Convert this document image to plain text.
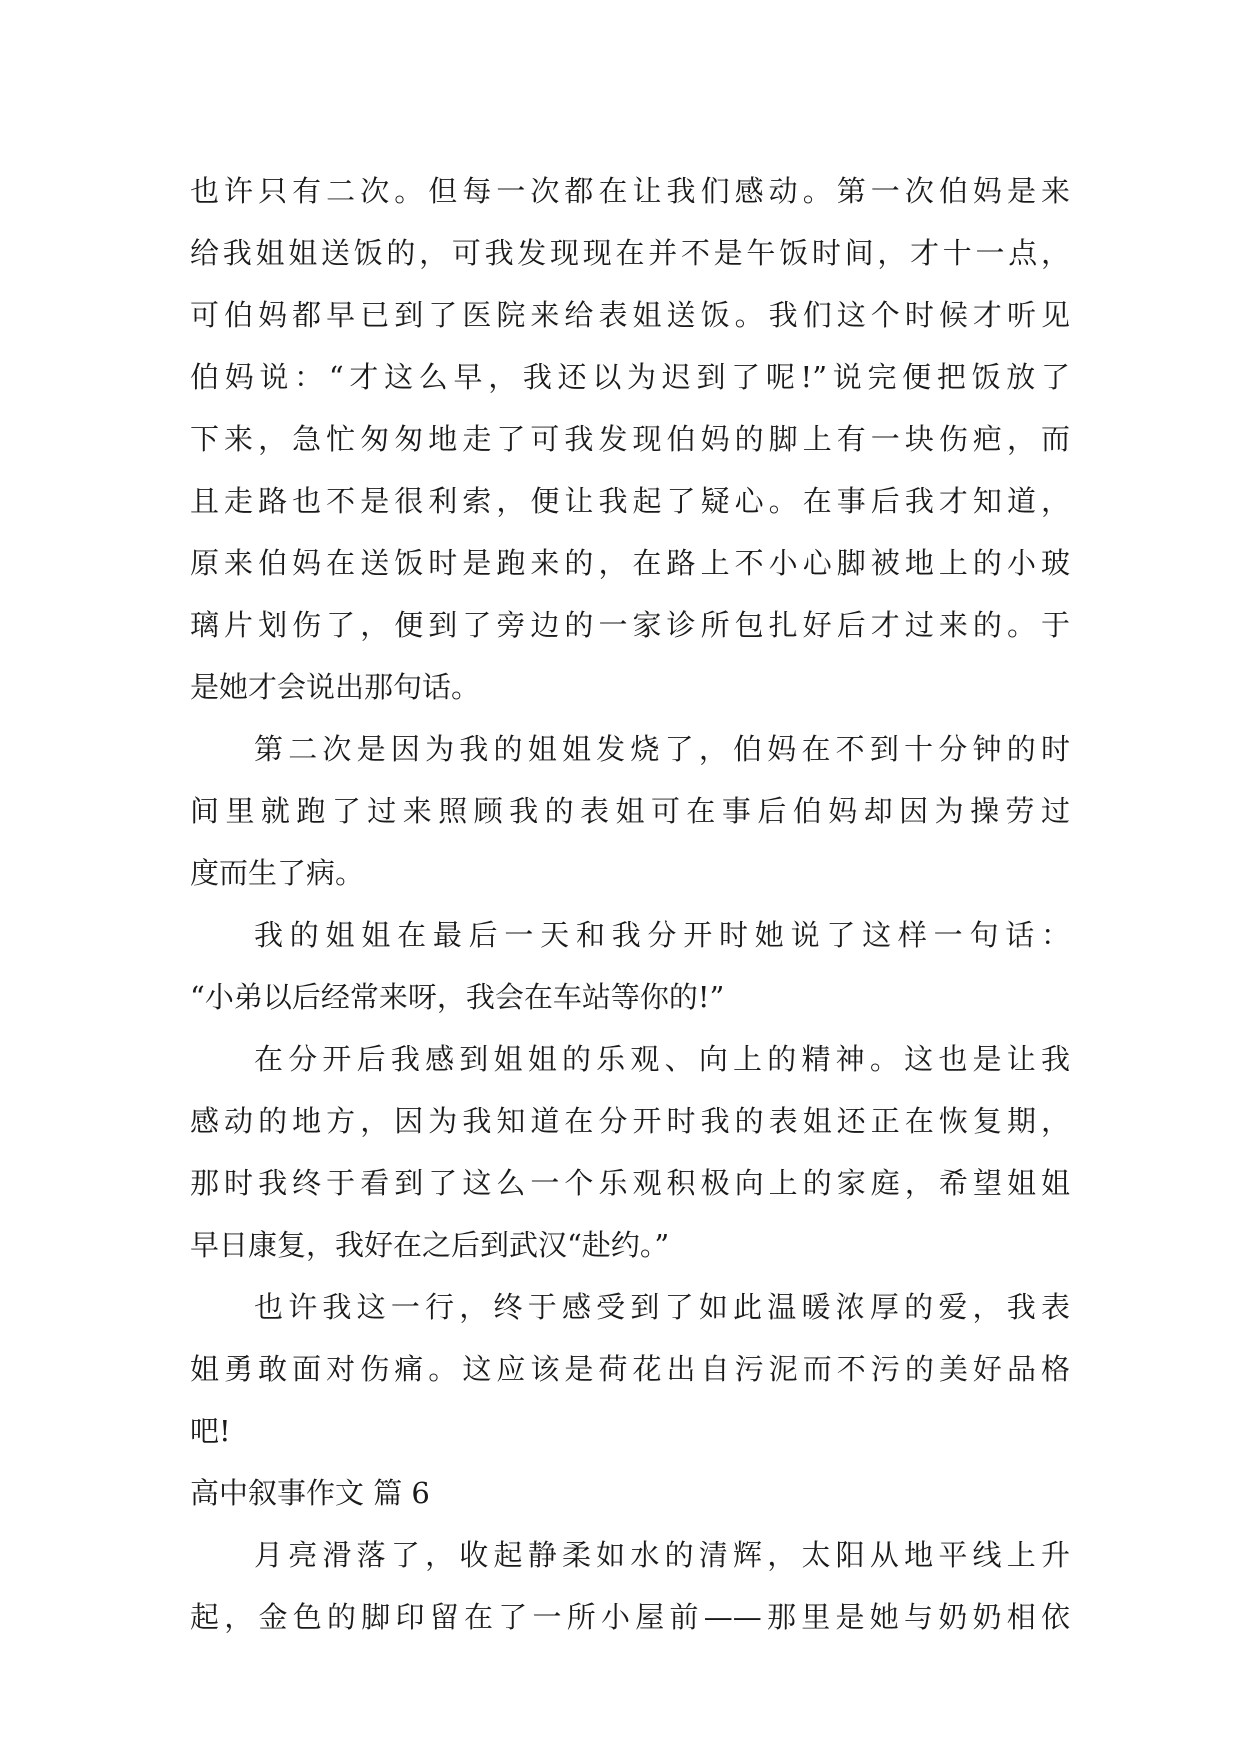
也许只有二次。但每一次都在让我们感动。第一次伯妈是来
给我姐姐送饭的，可我发现现在并不是午饭时间，才十一点，
可伯妈都早已到了医院来给表姐送饭。我们这个时候才听见
伯妈说：“才这么早，我还以为迟到了呢!”说完便把饭放了
下来，急忙匆匆地走了可我发现伯妈的脚上有一块伤疤，而
且走路也不是很利索，便让我起了疑心。在事后我才知道，
原来伯妈在送饭时是跑来的，在路上不小心脚被地上的小玻
璃片划伤了，便到了旁边的一家诊所包扎好后才过来的。于
是她才会说出那句话。
第二次是因为我的姐姐发烧了，伯妈在不到十分钟的时
间里就跑了过来照顾我的表姐可在事后伯妈却因为操劳过
度而生了病。
我的姐姐在最后一天和我分开时她说了这样一句话：
“小弟以后经常来呀，我会在车站等你的!”
在分开后我感到姐姐的乐观、向上的精神。这也是让我
感动的地方，因为我知道在分开时我的表姐还正在恢复期，
那时我终于看到了这么一个乐观积极向上的家庭，希望姐姐
早日康复，我好在之后到武汉“赴约。”
也许我这一行，终于感受到了如此温暖浓厚的爱，我表
姐勇敢面对伤痛。这应该是荷花出自污泥而不污的美好品格
吧!
高中叙事作文 篇 6
月亮滑落了，收起静柔如水的清辉，太阳从地平线上升
起，金色的脚印留在了一所小屋前——那里是她与奶奶相依
